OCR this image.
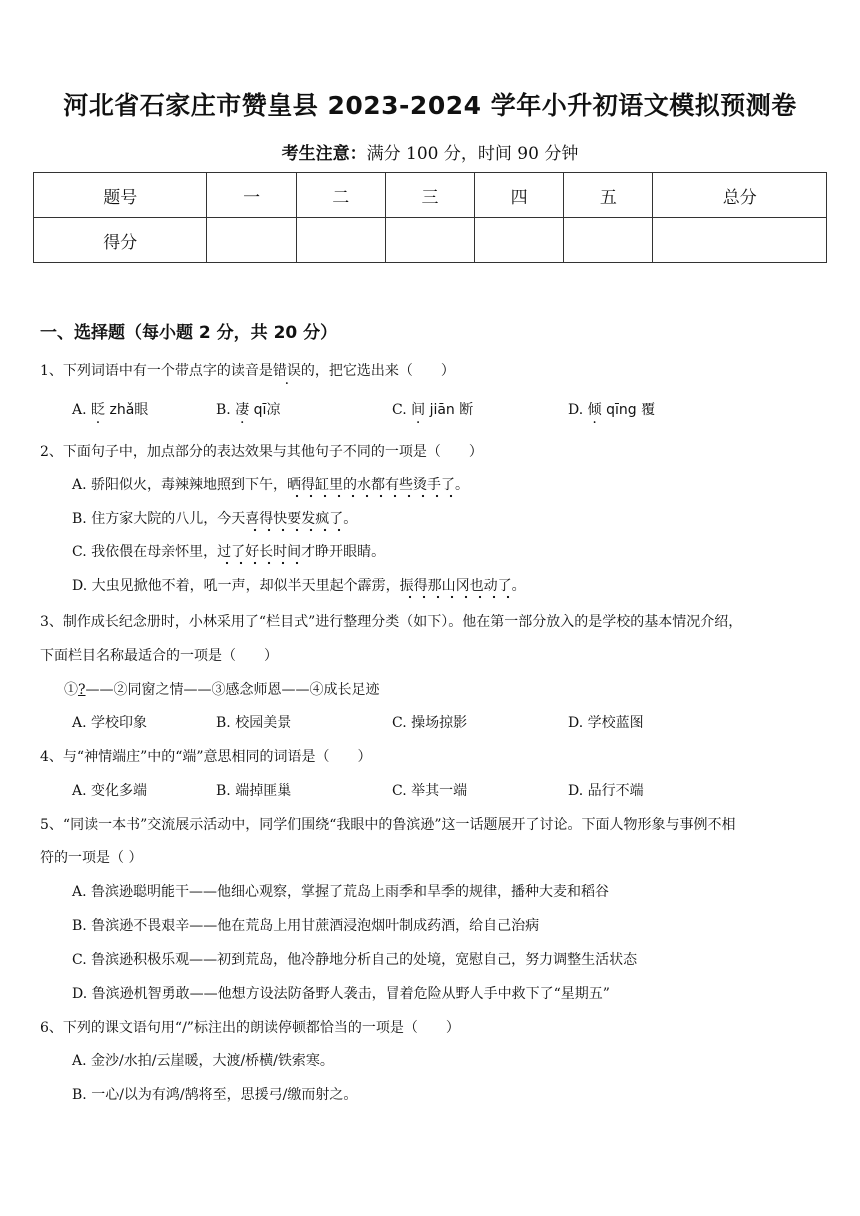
河北省石家庄市赞皇县 2023-2024 学年小升初语文模拟预测卷
考生注意：满分 100 分，时间 90 分钟
题号	一	二	三	四	五	总分
得分						
一、选择题（每小题 2 分，共 20 分）
1、下列词语中有一个带点字的读音是错误的，把它选出来（　　）
A. 眨 zhǎ眼	B. 凄 qī凉	C. 间 jiān 断	D. 倾 qīng 覆
2、下面句子中，加点部分的表达效果与其他句子不同的一项是（　　）
A. 骄阳似火，毒辣辣地照到下午，晒得缸里的水都有些烫手了。
B. 住方家大院的八儿，今天喜得快要发疯了。
C. 我依偎在母亲怀里，过了好长时间才睁开眼睛。
D. 大虫见掀他不着，吼一声，却似半天里起个霹雳，振得那山冈也动了。
3、制作成长纪念册时，小林采用了“栏目式”进行整理分类（如下）。他在第一部分放入的是学校的基本情况介绍，
下面栏目名称最适合的一项是（　　）
①?——②同窗之情——③感念师恩——④成长足迹
A. 学校印象	B. 校园美景	C. 操场掠影	D. 学校蓝图
4、与“神情端庄”中的“端”意思相同的词语是（　　）
A. 变化多端	B. 端掉匪巢	C. 举其一端	D. 品行不端
5、“同读一本书”交流展示活动中，同学们围绕“我眼中的鲁滨逊”这一话题展开了讨论。下面人物形象与事例不相
符的一项是（ ）
A. 鲁滨逊聪明能干——他细心观察，掌握了荒岛上雨季和旱季的规律，播种大麦和稻谷
B. 鲁滨逊不畏艰辛——他在荒岛上用甘蔗酒浸泡烟叶制成药酒，给自己治病
C. 鲁滨逊积极乐观——初到荒岛，他冷静地分析自己的处境，宽慰自己，努力调整生活状态
D. 鲁滨逊机智勇敢——他想方设法防备野人袭击，冒着危险从野人手中救下了“星期五”
6、下列的课文语句用“/”标注出的朗读停顿都恰当的一项是（　　）
A. 金沙/水拍/云崖暖，大渡/桥横/铁索寒。
B. 一心/以为有鸿/鹄将至，思援弓/缴而射之。
